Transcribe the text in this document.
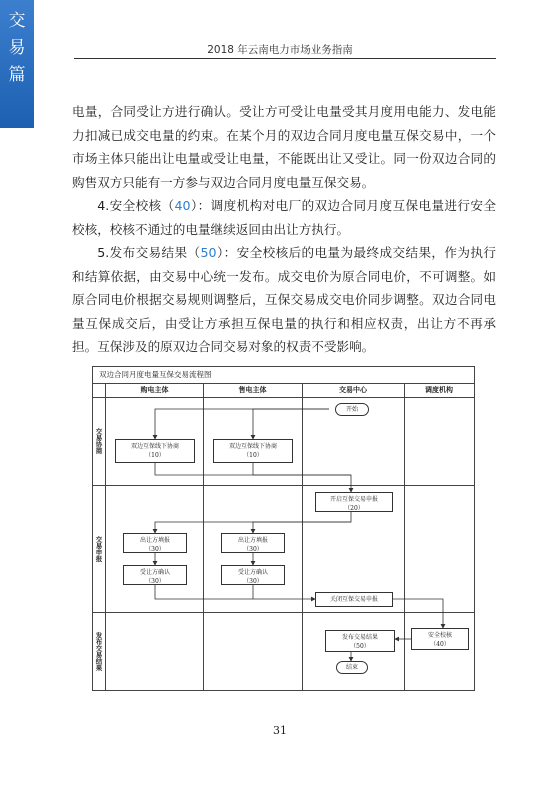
交
易
篇
2018 年云南电力市场业务指南

电量，合同受让方进行确认。受让方可受让电量受其月度用电能力、发电能力扣减已成交电量的约束。在某个月的双边合同月度电量互保交易中，一个市场主体只能出让电量或受让电量，不能既出让又受让。同一份双边合同的购售双方只能有一方参与双边合同月度电量互保交易。

4.安全校核（40）：调度机构对电厂的双边合同月度互保电量进行安全校核，校核不通过的电量继续返回由出让方执行。

5.发布交易结果（50）：安全校核后的电量为最终成交结果，作为执行和结算依据，由交易中心统一发布。成交电价为原合同电价，不可调整。如原合同电价根据交易规则调整后，互保交易成交电价同步调整。双边合同电量互保成交后，由受让方承担互保电量的执行和相应权责，出让方不再承担。互保涉及的原双边合同交易对象的权责不受影响。

双边合同月度电量互保交易流程图
购电主体	售电主体	交易中心	调度机构
交易协商
交易申报
发布交易结果
开始
双边互保线下协商
（10）
双边互保线下协商
（10）
开启互保交易申报
（20）
出让方填报
（30）
出让方填报
（30）
受让方确认
（30）
受让方确认
（30）
关闭互保交易申报
安全校核
（40）
发布交易结果
（50）
结束
31
